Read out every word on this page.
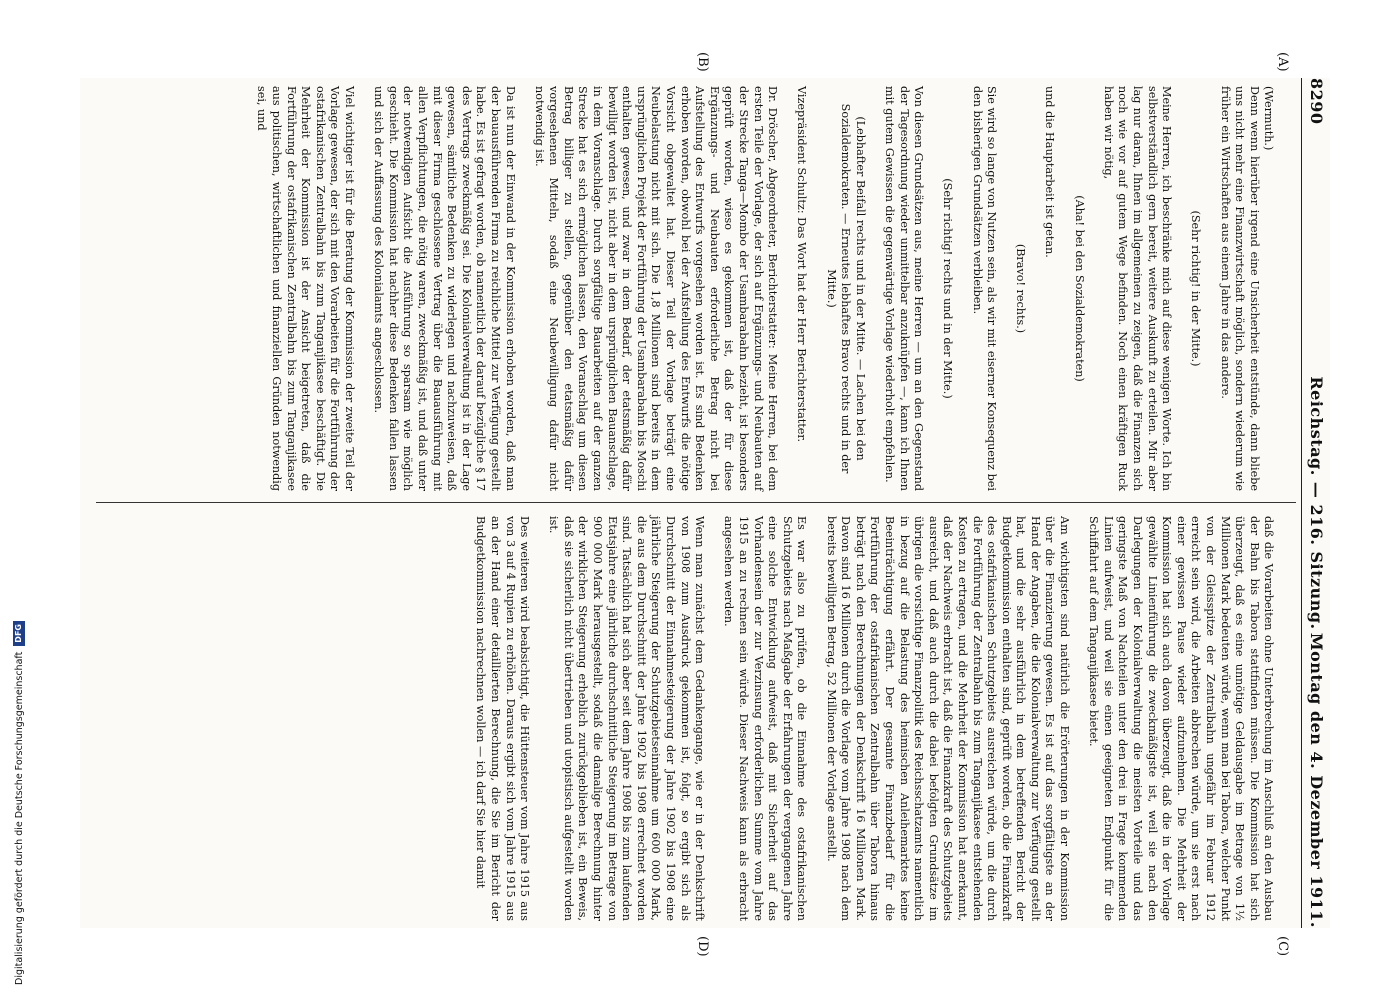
8290
Reichstag. — 216. Sitzung.
Montag den 4. Dezember 1911.
(A)
(B)
(C)
(D)

(Wermuth.)
Denn wenn hierüber irgend eine Unsicherheit entstünde, dann bliebe uns nicht mehr eine Finanzwirtschaft möglich, sondern wiederum wie früher ein Wirtschaften aus einem Jahre in das andere.

(Sehr richtig! in der Mitte.)

Meine Herren, ich beschränke mich auf diese wenigen Worte. Ich bin selbstverständlich gern bereit, weitere Auskunft zu erteilen. Mir aber lag nur daran, Ihnen im allgemeinen zu zeigen, daß die Finanzen sich noch wie vor auf gutem Wege befinden. Noch einen kräftigen Ruck haben wir nötig,

(Aha! bei den Sozialdemokraten)

und die Hauptarbeit ist getan.

(Bravo! rechts.)

Sie wird so lange von Nutzen sein, als wir mit eiserner Konsequenz bei den bisherigen Grundsätzen verbleiben.

(Sehr richtig! rechts und in der Mitte.)

Von diesen Grundsätzen aus, meine Herren — um an den Gegenstand der Tagesordnung wieder unmittelbar anzuknüpfen —, kann ich Ihnen mit gutem Gewissen die gegenwärtige Vorlage wiederholt empfehlen.

(Lebhafter Beifall rechts und in der Mitte. — Lachen bei den Sozialdemokraten. — Erneutes lebhaftes Bravo rechts und in der Mitte.)

Vizepräsident Schultz: Das Wort hat der Herr Berichterstatter.

Dr. Dröscher, Abgeordneter, Berichterstatter: Meine Herren, bei dem ersten Teile der Vorlage, der sich auf Ergänzungs- und Neubauten auf der Strecke Tanga—Mombo der Usambarabahn bezieht, ist besonders geprüft worden, wieso es gekommen ist, daß der für diese Ergänzungs- und Neubauten erforderliche Betrag nicht bei Aufstellung des Entwurfs vorgesehen worden ist. Es sind Bedenken erhoben worden, obwohl bei der Aufstellung des Entwurfs die nötige Vorsicht obgewaltet hat. Dieser Teil der Vorlage beträgt eine Neubelastung nicht mit sich. Die 1,8 Millionen sind bereits in dem ursprünglichen Projekt der Fortführung der Usambarabahn bis Moschi enthalten gewesen, und zwar in dem Bedarf, der etatsmäßig dafür bewilligt worden ist, nicht aber in dem ursprünglichen Bauanschlage, in dem Voranschlage. Durch sorgfältige Bauarbeiten auf der ganzen Strecke hat es sich ermöglichen lassen, den Voranschlag um diesen Betrag billiger zu stellen, gegenüber den etatsmäßig dafür vorgesehenen Mitteln, sodaß eine Neubewilligung dafür nicht notwendig ist.

Da ist nun der Einwand in der Kommission erhoben worden, daß man der bauausführenden Firma zu reichliche Mittel zur Verfügung gestellt habe. Es ist gefragt worden, ob namentlich der darauf bezügliche § 17 des Vertrags zweckmäßig sei. Die Kolonialverwaltung ist in der Lage gewesen, sämtliche Bedenken zu widerlegen und nachzuweisen, daß mit dieser Firma geschlossene Vertrag über die Bauausführung mit allen Verpflichtungen, die nötig waren, zweckmäßig ist, und daß unter der notwendigen Aufsicht die Ausführung so sparsam wie möglich geschieht. Die Kommission hat nachher diese Bedenken fallen lassen und sich der Auffassung des Kolonialamts angeschlossen.

Viel wichtiger ist für die Beratung der Kommission der zweite Teil der Vorlage gewesen, der sich mit den Vorarbeiten für die Fortführung der ostafrikanischen Zentralbahn bis zum Tanganjikasee beschäftigt. Die Mehrheit der Kommission ist der Ansicht beigetreten, daß die Fortführung der ostafrikanischen Zentralbahn bis zum Tanganjikasee aus politischen, wirtschaftlichen und finanziellen Gründen notwendig sei, und

daß die Vorarbeiten ohne Unterbrechung im Anschluß an den Ausbau der Bahn bis Tabora stattfinden müssen. Die Kommission hat sich überzeugt, daß es eine unnötige Geldausgabe im Betrage von 1½ Millionen Mark bedeuten würde, wenn man bei Tabora, welcher Punkt von der Gleisspitze der Zentralbahn ungefähr im Februar 1912 erreicht sein wird, die Arbeiten abbrechen würde, um sie erst nach einer gewissen Pause wieder aufzunehmen. Die Mehrheit der Kommission hat sich auch davon überzeugt, daß die in der Vorlage gewählte Linienführung die zweckmäßigste ist, weil sie nach den Darlegungen der Kolonialverwaltung die meisten Vorteile und das geringste Maß von Nachteilen unter den drei in Frage kommenden Linien aufweist, und weil sie einen geeigneten Endpunkt für die Schiffahrt auf dem Tanganjikasee bietet.

Am wichtigsten sind natürlich die Erörterungen in der Kommission über die Finanzierung gewesen. Es ist auf das sorgfältigste an der Hand der Angaben, die die Kolonialverwaltung zur Verfügung gestellt hat, und die sehr ausführlich in dem betreffenden Bericht der Budgetkommission enthalten sind, geprüft worden, ob die Finanzkraft des ostafrikanischen Schutzgebiets ausreichen würde, um die durch die Fortführung der Zentralbahn bis zum Tanganjikasee entstehenden Kosten zu ertragen, und die Mehrheit der Kommission hat anerkannt, daß der Nachweis erbracht ist, daß die Finanzkraft des Schutzgebiets ausreicht, und daß auch durch die dabei befolgten Grundsätze im übrigen die vorsichtige Finanzpolitik des Reichsschatzamts namentlich in bezug auf die Belastung des heimischen Anleihemarktes keine Beeinträchtigung erfährt. Der gesamte Finanzbedarf für die Fortführung der ostafrikanischen Zentralbahn über Tabora hinaus beträgt nach den Berechnungen der Denkschrift 16 Millionen Mark. Davon sind 16 Millionen durch die Vorlage vom Jahre 1908 nach dem bereits bewilligten Betrag, 52 Millionen der Vorlage anstellt.

Es war also zu prüfen, ob die Einnahme des ostafrikanischen Schutzgebiets nach Maßgabe der Erfahrungen der vergangenen Jahre eine solche Entwicklung aufweist, daß mit Sicherheit auf das Vorhandensein der zur Verzinsung erforderlichen Summe vom Jahre 1915 an zu rechnen sein würde. Dieser Nachweis kann als erbracht angesehen werden.

Wenn man zunächst dem Gedankengange, wie er in der Denkschrift von 1908 zum Ausdruck gekommen ist, folgt, so ergibt sich als Durchschnitt der Einnahmesteigerung der Jahre 1902 bis 1908 eine jährliche Steigerung der Schutzgebietseinnahme um 600 000 Mark, die aus dem Durchschnitt der Jahre 1902 bis 1908 errechnet worden sind. Tatsächlich hat sich aber seit dem Jahre 1908 bis zum laufenden Etatsjahre eine jährliche durchschnittliche Steigerung im Betrage von 900 000 Mark herausgestellt, sodaß die damalige Berechnung hinter der wirklichen Steigerung erheblich zurückgeblieben ist, ein Beweis, daß sie sicherlich nicht übertrieben und utopistisch aufgestellt worden ist.

Des weiteren wird beabsichtigt, die Hüttensteuer vom Jahre 1915 aus von 3 auf 4 Rupien zu erhöhen. Daraus ergibt sich vom Jahre 1915 aus an der Hand einer detaillierten Berechnung, die Sie im Bericht der Budgetkommission nachrechnen wollen — ich darf Sie hier damit

Digitalisierung gefördert durch die Deutsche Forschungsgemeinschaft
DFG
